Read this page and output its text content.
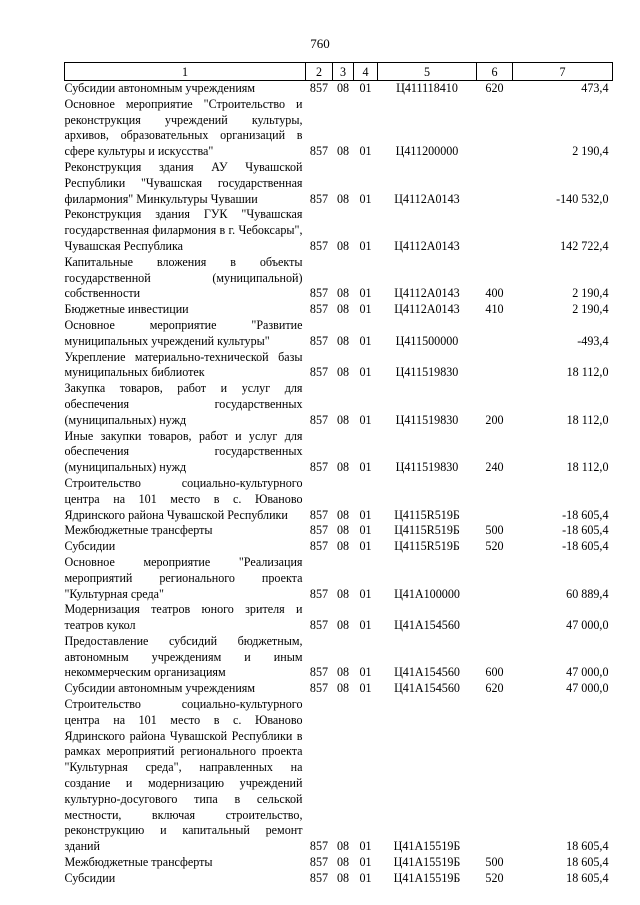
760
1	2	3	4	5	6	7
Субсидии автономным учреждениям	857	08	01	Ц411118410	620	473,4
Основное мероприятие "Строительство и реконструкция учреждений культуры, архивов, образовательных организаций в сфере культуры и искусства"	857	08	01	Ц411200000		2 190,4
Реконструкция здания АУ Чувашской Республики "Чувашская государственная филармония" Минкультуры Чувашии	857	08	01	Ц4112А0143		-140 532,0
Реконструкция здания ГУК "Чувашская государственная филармония в г. Чебоксары", Чувашская Республика	857	08	01	Ц4112А0143		142 722,4
Капитальные вложения в объекты государственной (муниципальной) собственности	857	08	01	Ц4112А0143	400	2 190,4
Бюджетные инвестиции	857	08	01	Ц4112А0143	410	2 190,4
Основное мероприятие "Развитие муниципальных учреждений культуры"	857	08	01	Ц411500000		-493,4
Укрепление материально-технической базы муниципальных библиотек	857	08	01	Ц411519830		18 112,0
Закупка товаров, работ и услуг для обеспечения государственных (муниципальных) нужд	857	08	01	Ц411519830	200	18 112,0
Иные закупки товаров, работ и услуг для обеспечения государственных (муниципальных) нужд	857	08	01	Ц411519830	240	18 112,0
Строительство социально-культурного центра на 101 место в с. Юваново Ядринского района Чувашской Республики	857	08	01	Ц4115R519Б		-18 605,4
Межбюджетные трансферты	857	08	01	Ц4115R519Б	500	-18 605,4
Субсидии	857	08	01	Ц4115R519Б	520	-18 605,4
Основное мероприятие "Реализация мероприятий регионального проекта "Культурная среда"	857	08	01	Ц41А100000		60 889,4
Модернизация театров юного зрителя и театров кукол	857	08	01	Ц41А154560		47 000,0
Предоставление субсидий бюджетным, автономным учреждениям и иным некоммерческим организациям	857	08	01	Ц41А154560	600	47 000,0
Субсидии автономным учреждениям	857	08	01	Ц41А154560	620	47 000,0
Строительство социально-культурного центра на 101 место в с. Юваново Ядринского района Чувашской Республики в рамках мероприятий регионального проекта "Культурная среда", направленных на создание и модернизацию учреждений культурно-досугового типа в сельской местности, включая строительство, реконструкцию и капитальный ремонт зданий	857	08	01	Ц41А15519Б		18 605,4
Межбюджетные трансферты	857	08	01	Ц41А15519Б	500	18 605,4
Субсидии	857	08	01	Ц41А15519Б	520	18 605,4
